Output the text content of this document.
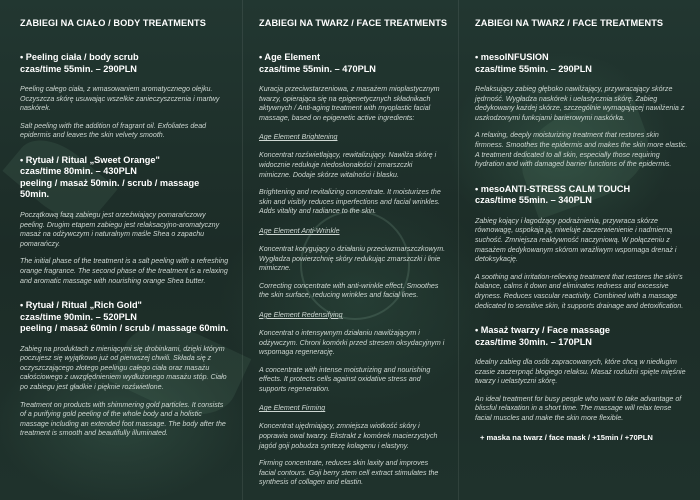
ZABIEGI NA CIAŁO / BODY TREATMENTS
• Peeling ciała / body scrub
czas/time 55min. – 290PLN
Peeling całego ciała, z wmasowaniem aromatycznego olejku. Oczyszcza skórę usuwając wszelkie zanieczyszczenia i martwy naskórek.
Salt peeling with the addition of fragrant oil. Exfoliates dead epidermis and leaves the skin velvety smooth.
• Rytuał / Ritual „Sweet Orange"
czas/time 80min. – 430PLN
peeling / masaż 50min. / scrub / massage 50min.
Początkową fazą zabiegu jest orzeźwiający pomarańczowy peeling. Drugim etapem zabiegu jest relaksacyjno-aromatyczny masaż na odżywczym i naturalnym maśle Shea o zapachu pomarańczy.
The initial phase of the treatment is a salt peeling with a refreshing orange fragrance. The second phase of the treatment is a relaxing and aromatic massage with nourishing orange Shea butter.
• Rytuał / Ritual „Rich Gold"
czas/time 90min. – 520PLN
peeling / masaż 60min / scrub / massage 60min.
Zabieg na produktach z mieniącymi się drobinkami, dzięki którym poczujesz się wyjątkowo już od pierwszej chwili. Składa się z oczyszczającego złotego peelingu całego ciała oraz masażu całościowego z uwzględnieniem wydłużonego masażu stóp. Ciało po zabiegu jest gładkie i pięknie rozświetlone.
Treatment on products with shimmering gold particles. It consists of a purifying gold peeling of the whole body and a holistic massage including an extended foot massage. The body after the treatment is smooth and beautifully illuminated.
ZABIEGI NA TWARZ / FACE TREATMENTS
• Age Element
czas/time 55min. – 470PLN
Kuracja przeciwstarzeniowa, z masażem mioplastycznym twarzy, opierająca się na epigenetycznych składnikach aktywnych / Anti-aging treatment with myoplastic facial massage, based on epigenetic active ingredients:
Age Element Brightening
Koncentrat rozświetlający, rewitalizujący. Nawilża skórę i widocznie redukuje niedoskonałości i zmarszczki mimiczne. Dodaje skórze witalności i blasku.
Brightening and revitalizing concentrate. It moisturizes the skin and visibly reduces imperfections and facial wrinkles. Adds vitality and radiance to the skin.
Age Element Anti-Wrinkle
Koncentrat korygujący o działaniu przeciwzmarszczkowym. Wygładza powierzchnię skóry redukując zmarszczki i linie mimiczne.
Correcting concentrate with anti-wrinkle effect. Smoothes the skin surface, reducing wrinkles and facial lines.
Age Element Redensifying
Koncentrat o intensywnym działaniu nawilżającym i odżywczym. Chroni komórki przed stresem oksydacyjnym i wspomaga regenerację.
A concentrate with intense moisturizing and nourishing effects. It protects cells against oxidative stress and supports regeneration.
Age Element Firming
Koncentrat ujędrniający, zmniejsza wiotkość skóry i poprawia owal twarzy. Ekstrakt z komórek macierzystych jagód goji pobudza syntezę kolagenu i elastyny.
Firming concentrate, reduces skin laxity and improves facial contours. Goji berry stem cell extract stimulates the synthesis of collagen and elastin.
ZABIEGI NA TWARZ / FACE TREATMENTS
• mesoINFUSION
czas/time 55min. – 290PLN
Relaksujący zabieg głęboko nawilżający, przywracający skórze jędrność. Wygładza naskórek i uelastycznia skórę. Zabieg dedykowany każdej skórze, szczególnie wymagającej nawilżenia z uszkodzonymi funkcjami barierowymi naskórka.
A relaxing, deeply moisturizing treatment that restores skin firmness. Smoothes the epidermis and makes the skin more elastic. A treatment dedicated to all skin, especially those requiring hydration and with damaged barrier functions of the epidermis.
• mesoANTI-STRESS CALM TOUCH
czas/time 55min. – 340PLN
Zabieg kojący i łagodzący podrażnienia, przywraca skórze równowagę, uspokaja ją, niweluje zaczerwienienie i nadmierną suchość. Zmniejsza reaktywność naczyniową. W połączeniu z masażem dedykowanym skórom wrażliwym wspomaga drenaż i detoksykację.
A soothing and irritation-relieving treatment that restores the skin's balance, calms it down and eliminates redness and excessive dryness. Reduces vascular reactivity. Combined with a massage dedicated to sensitive skin, it supports drainage and detoxification.
• Masaż twarzy / Face massage
czas/time 30min. – 170PLN
Idealny zabieg dla osób zapracowanych, które chcą w niedługim czasie zaczerpnąć błogiego relaksu. Masaż rozluźni spięte mięśnie twarzy i uelastyczni skórę.
An ideal treatment for busy people who want to take advantage of blissful relaxation in a short time. The massage will relax tense facial muscles and make the skin more flexible.
+ maska na twarz / face mask / +15min / +70PLN
